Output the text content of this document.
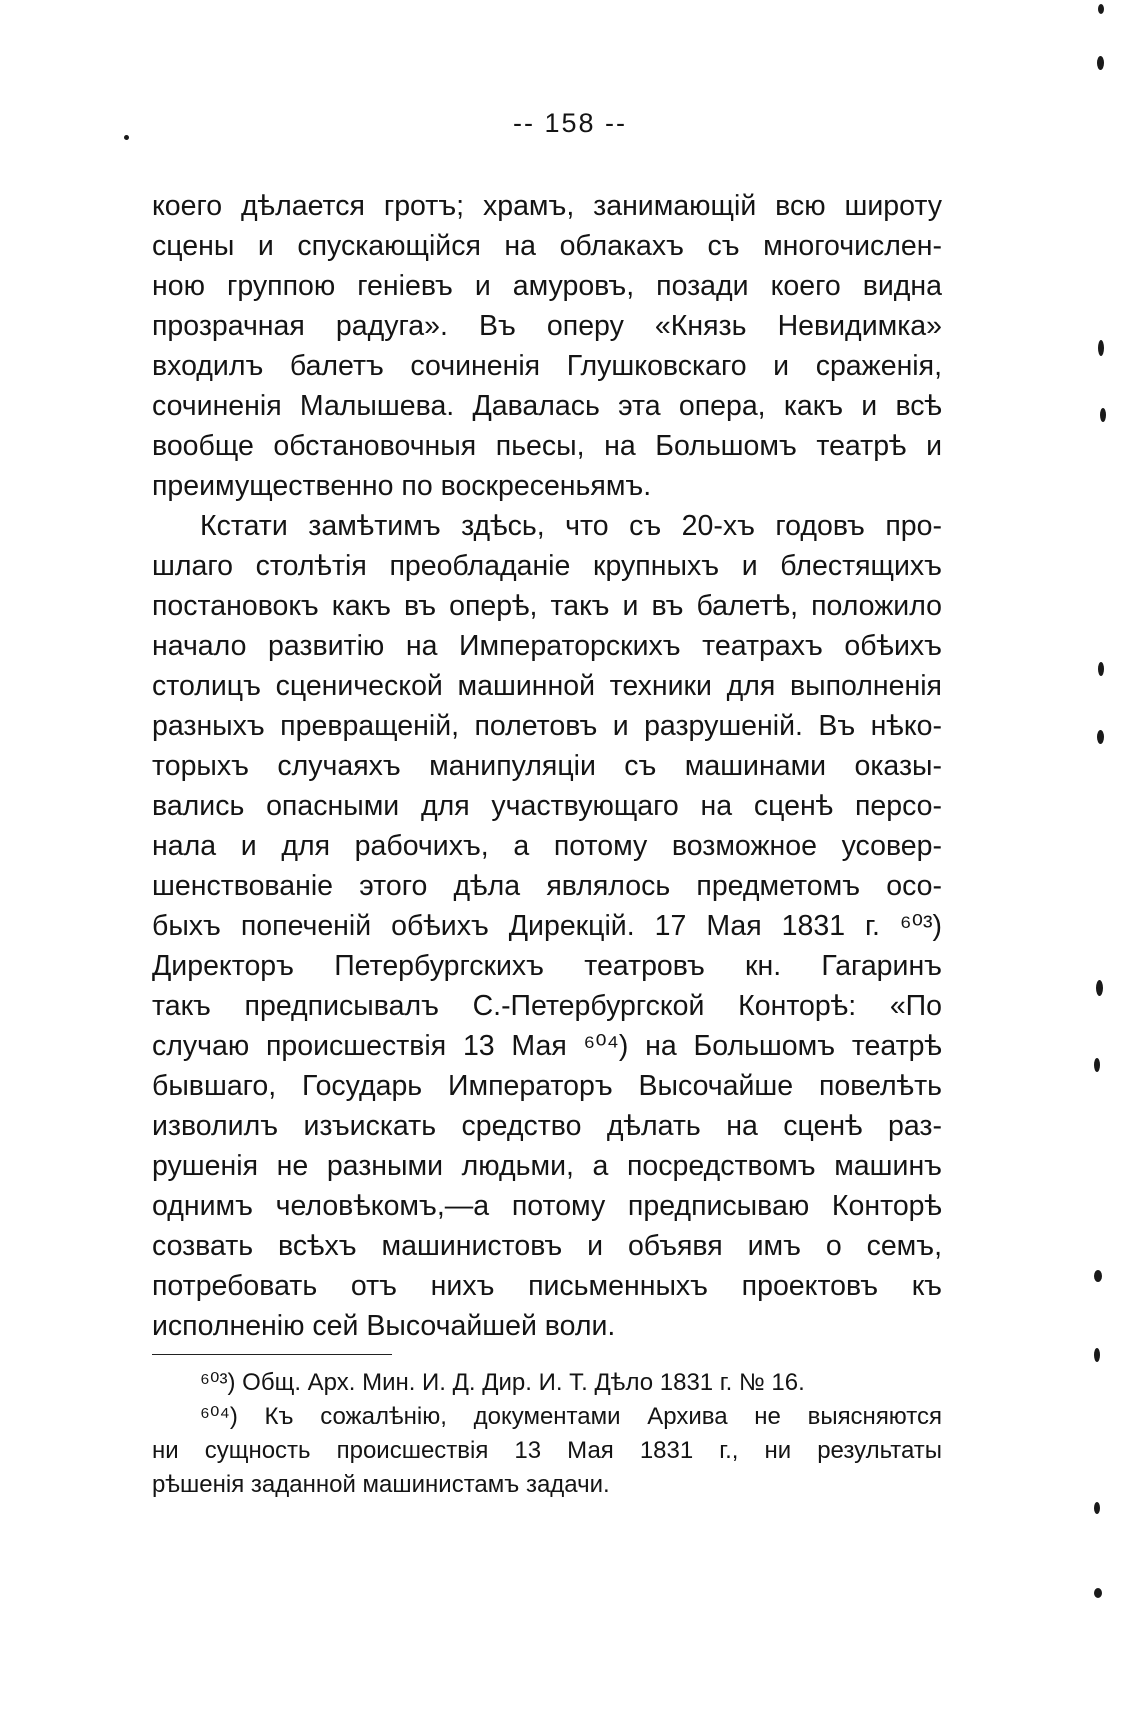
-- 158 --
коего дѣлается гротъ; храмъ, занимающій всю широту
сцены и спускающійся на облакахъ съ многочислен-
ною группою геніевъ и амуровъ, позади коего видна
прозрачная радуга». Въ оперу «Князь Невидимка»
входилъ балетъ сочиненія Глушковскаго и сраженія,
сочиненія Малышева. Давалась эта опера, какъ и всѣ
вообще обстановочныя пьесы, на Большомъ театрѣ и
преимущественно по воскресеньямъ.
Кстати замѣтимъ здѣсь, что съ 20-хъ годовъ про-
шлаго столѣтія преобладаніе крупныхъ и блестящихъ
постановокъ какъ въ оперѣ, такъ и въ балетѣ, положило
начало развитію на Императорскихъ театрахъ обѣихъ
столицъ сценической машинной техники для выполненія
разныхъ превращеній, полетовъ и разрушеній. Въ нѣко-
торыхъ случаяхъ манипуляціи съ машинами оказы-
вались опасными для участвующаго на сценѣ персо-
нала и для рабочихъ, а потому возможное усовер-
шенствованіе этого дѣла являлось предметомъ осо-
быхъ попеченій обѣихъ Дирекцій. 17 Мая 1831 г. ⁶⁰³)
Директоръ Петербургскихъ театровъ кн. Гагаринъ
такъ предписывалъ С.-Петербургской Конторѣ: «По
случаю происшествія 13 Мая ⁶⁰⁴) на Большомъ театрѣ
бывшаго, Государь Императоръ Высочайше повелѣть
изволилъ изъискать средство дѣлать на сценѣ раз-
рушенія не разными людьми, а посредствомъ машинъ
однимъ человѣкомъ,—а потому предписываю Конторѣ
созвать всѣхъ машинистовъ и объявя имъ о семъ,
потребовать отъ нихъ письменныхъ проектовъ къ
исполненію сей Высочайшей воли.
⁶⁰³) Общ. Арх. Мин. И. Д. Дир. И. Т. Дѣло 1831 г. № 16.
⁶⁰⁴) Къ сожалѣнію, документами Архива не выясняются
ни сущность происшествія 13 Мая 1831 г., ни результаты
рѣшенія заданной машинистамъ задачи.
